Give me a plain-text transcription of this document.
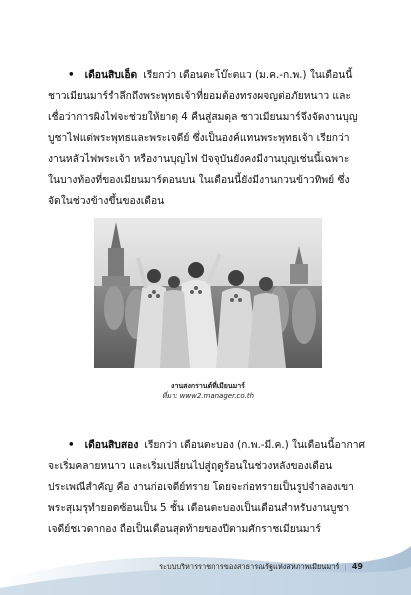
• เดือนสิบเอ็ด เรียกว่า เดือนตะโบ๊ะตแว (ม.ค.-ก.พ.) ในเดือนนี้
ชาวเมียนมาร์รำลึกถึงพระพุทธเจ้าที่ยอมต้องทรงผจญต่อภัยหนาว และ
เชื่อว่าการผิงไฟจะช่วยให้ยาตุ 4 คืนสู่สมดุล ชาวเมียนมาร์จึงจัดงานบุญ
บูชาไฟแด่พระพุทธและพระเจดีย์ ซึ่งเป็นองค์แทนพระพุทธเจ้า เรียกว่า
งานหลัวไฟพระเจ้า หรืองานบุญไฟ ปัจจุบันยังคงมีงานบุญเช่นนี้เฉพาะ
ในบางท้องที่ของเมียนมาร์ตอนบน ในเดือนนี้ยังมีงานกวนข้าวทิพย์ ซึ่ง
จัดในช่วงข้างขึ้นของเดือน
งานสงกรานต์ที่เมียนมาร์
ที่มา: www2.manager.co.th
• เดือนสิบสอง เรียกว่า เดือนตะบอง (ก.พ.-มี.ค.) ในเดือนนี้อากาศ
จะเริ่มคลายหนาว และเริ่มเปลี่ยนไปสู่ฤดูร้อนในช่วงหลังของเดือน
ประเพณีสำคัญ คือ งานก่อเจดีย์ทราย โดยจะก่อทรายเป็นรูปจำลองเขา
พระสุเมรุทำยอดซ้อนเป็น 5 ชั้น เดือนตะบองเป็นเดือนสำหรับงานบูชา
เจดีย์ชเวดากอง ถือเป็นเดือนสุดท้ายของปีตามศักราชเมียนมาร์
ระบบบริหารราชการของสาธารณรัฐแห่งสหภาพเมียนมาร์ | 49
